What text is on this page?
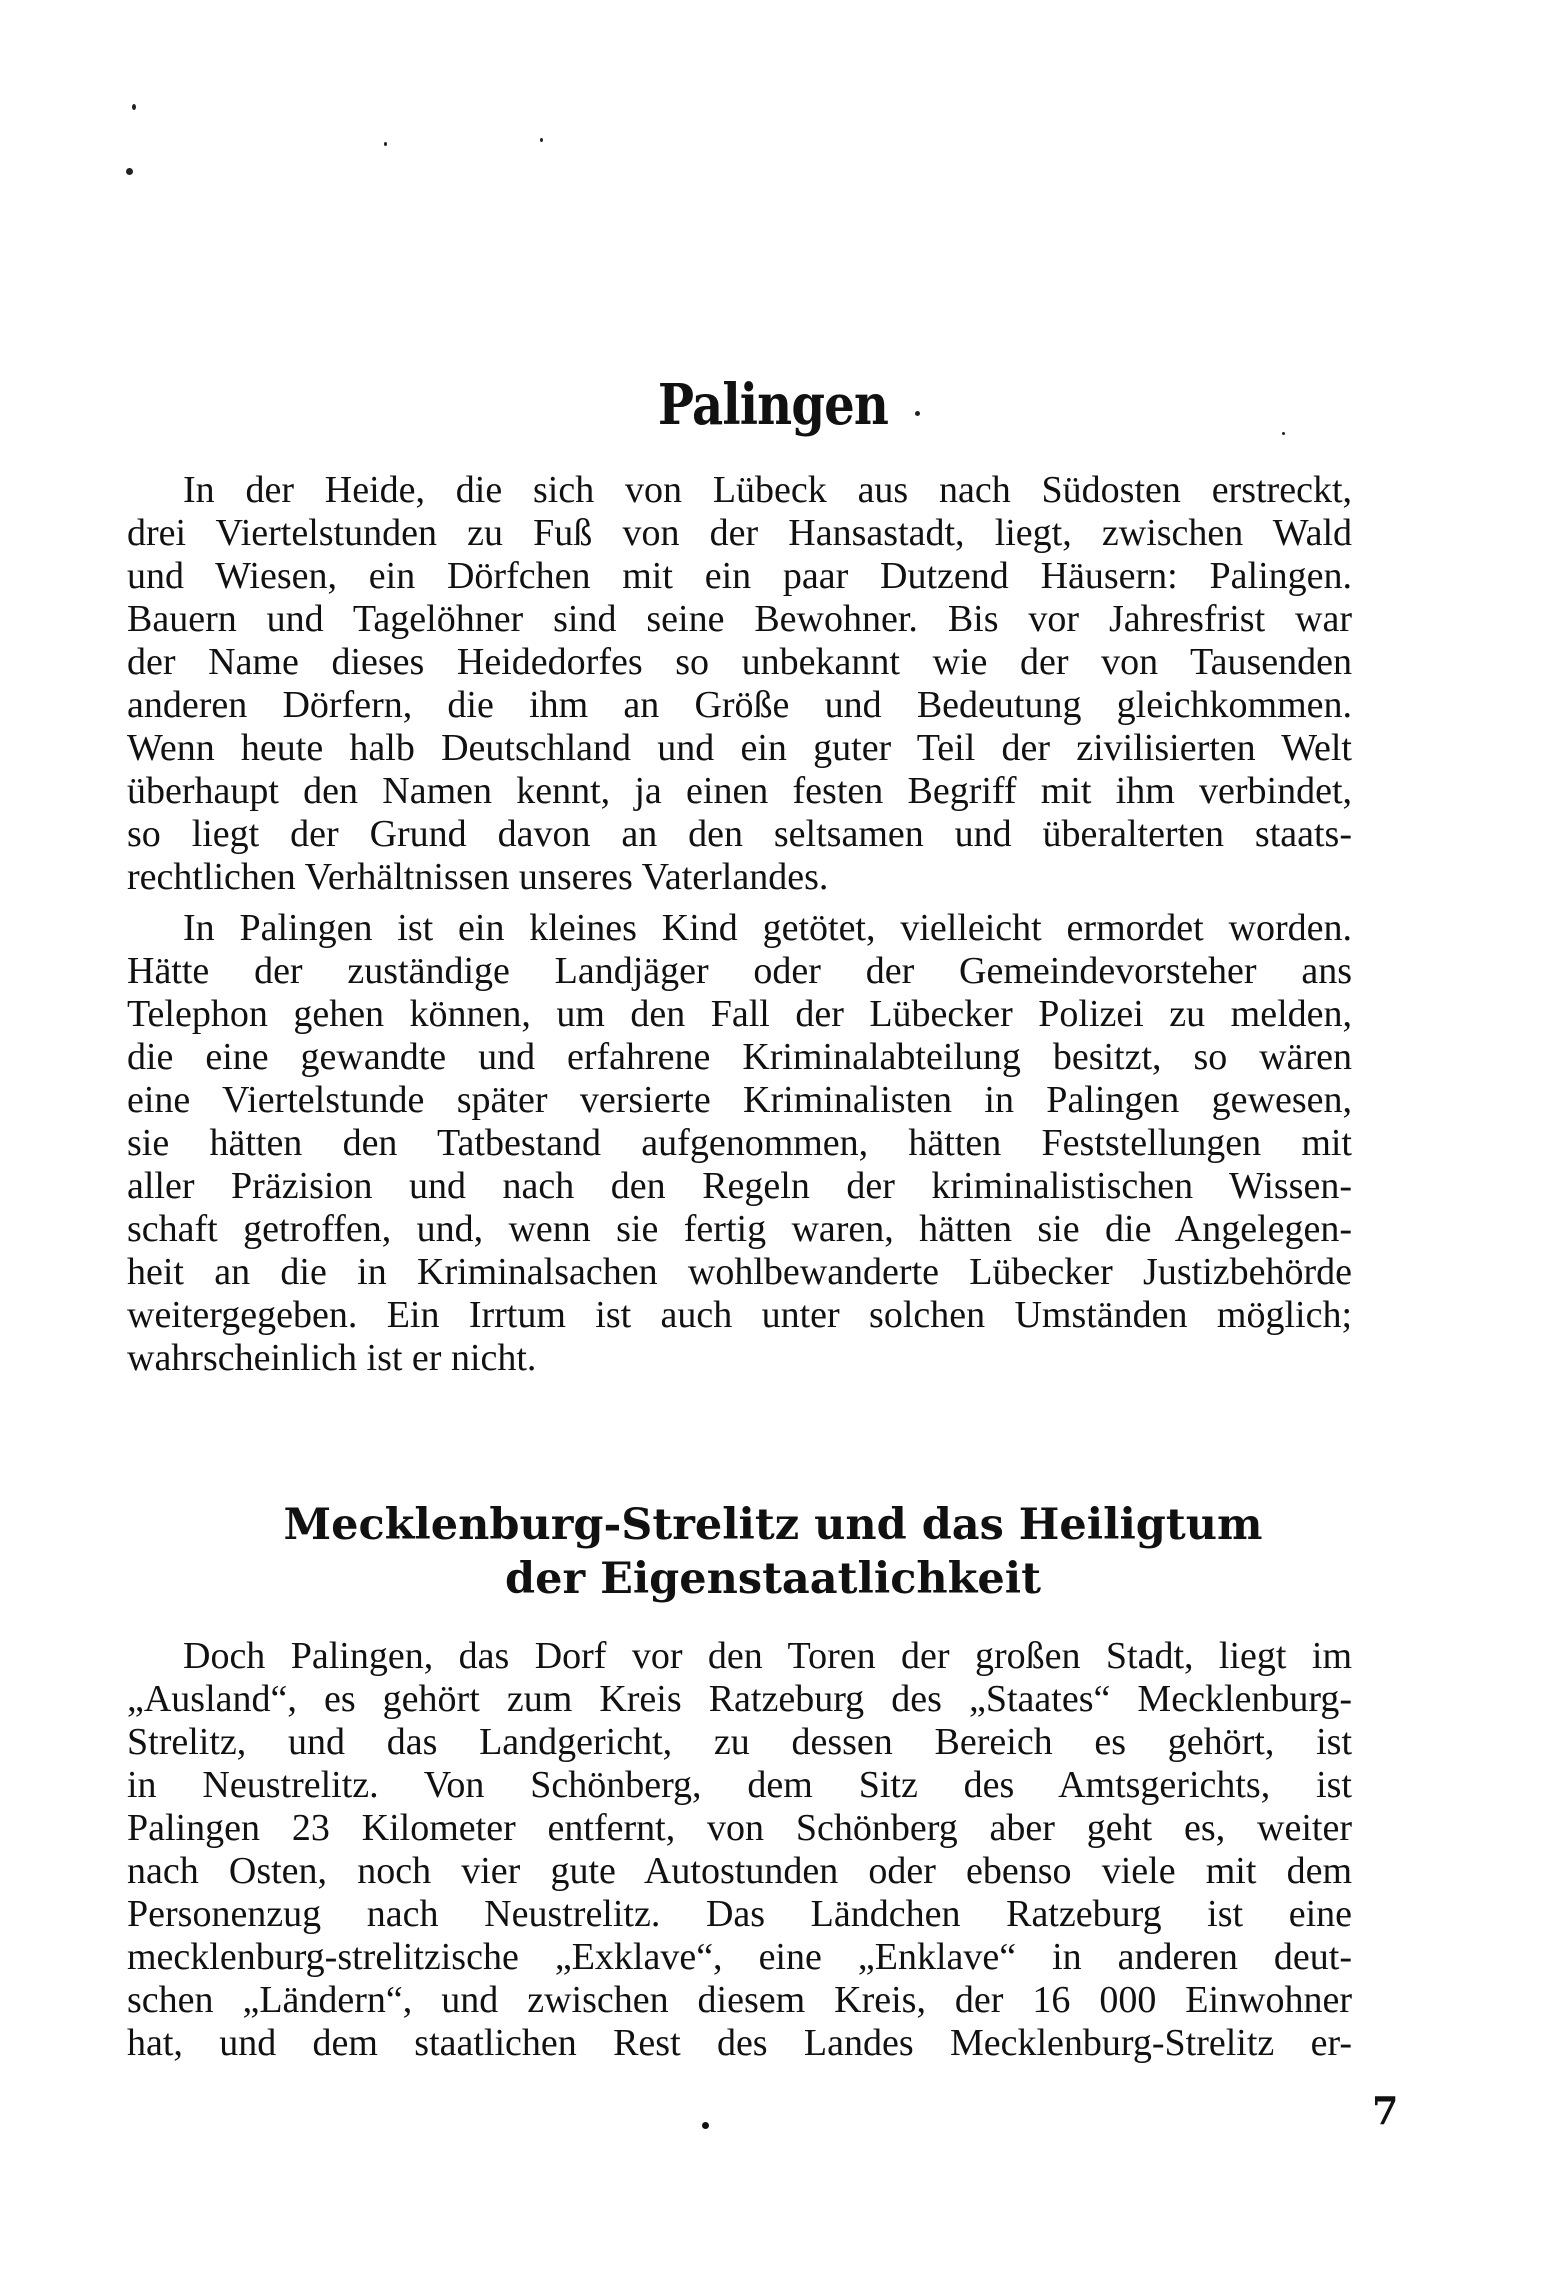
Palingen
In der Heide, die sich von Lübeck aus nach Südosten erstreckt,
drei Viertelstunden zu Fuß von der Hansastadt, liegt, zwischen Wald
und Wiesen, ein Dörfchen mit ein paar Dutzend Häusern: Palingen.
Bauern und Tagelöhner sind seine Bewohner. Bis vor Jahresfrist war
der Name dieses Heidedorfes so unbekannt wie der von Tausenden
anderen Dörfern, die ihm an Größe und Bedeutung gleichkommen.
Wenn heute halb Deutschland und ein guter Teil der zivilisierten Welt
überhaupt den Namen kennt, ja einen festen Begriff mit ihm verbindet,
so liegt der Grund davon an den seltsamen und überalterten staats-
rechtlichen Verhältnissen unseres Vaterlandes.
In Palingen ist ein kleines Kind getötet, vielleicht ermordet worden.
Hätte der zuständige Landjäger oder der Gemeindevorsteher ans
Telephon gehen können, um den Fall der Lübecker Polizei zu melden,
die eine gewandte und erfahrene Kriminalabteilung besitzt, so wären
eine Viertelstunde später versierte Kriminalisten in Palingen gewesen,
sie hätten den Tatbestand aufgenommen, hätten Feststellungen mit
aller Präzision und nach den Regeln der kriminalistischen Wissen-
schaft getroffen, und, wenn sie fertig waren, hätten sie die Angelegen-
heit an die in Kriminalsachen wohlbewanderte Lübecker Justizbehörde
weitergegeben. Ein Irrtum ist auch unter solchen Umständen möglich;
wahrscheinlich ist er nicht.
Mecklenburg-Strelitz und das Heiligtum
der Eigenstaatlichkeit
Doch Palingen, das Dorf vor den Toren der großen Stadt, liegt im
„Ausland“, es gehört zum Kreis Ratzeburg des „Staates“ Mecklenburg-
Strelitz, und das Landgericht, zu dessen Bereich es gehört, ist
in Neustrelitz. Von Schönberg, dem Sitz des Amtsgerichts, ist
Palingen 23 Kilometer entfernt, von Schönberg aber geht es, weiter
nach Osten, noch vier gute Autostunden oder ebenso viele mit dem
Personenzug nach Neustrelitz. Das Ländchen Ratzeburg ist eine
mecklenburg-strelitzische „Exklave“, eine „Enklave“ in anderen deut-
schen „Ländern“, und zwischen diesem Kreis, der 16 000 Einwohner
hat, und dem staatlichen Rest des Landes Mecklenburg-Strelitz er-
7
